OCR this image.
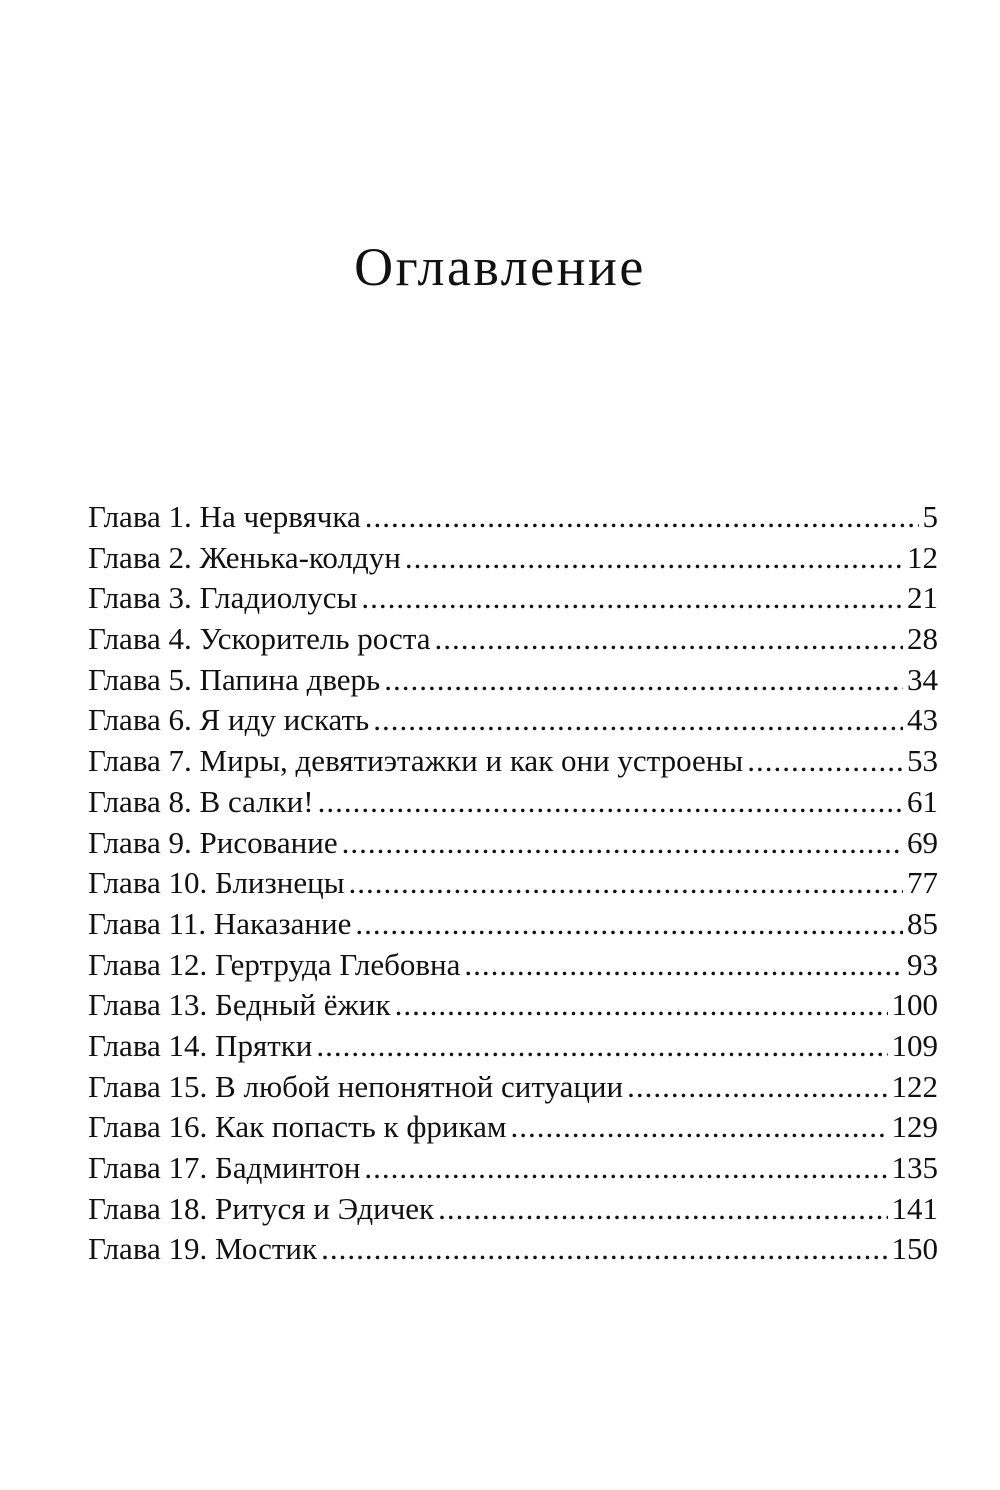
Оглавление
Глава 1. На червячка .....	5
Глава 2. Женька-колдун .....	12
Глава 3. Гладиолусы .....	21
Глава 4. Ускоритель роста .....	28
Глава 5. Папина дверь .....	34
Глава 6. Я иду искать .....	43
Глава 7. Миры, девятиэтажки и как они устроены .....	53
Глава 8. В салки! .....	61
Глава 9. Рисование .....	69
Глава 10. Близнецы .....	77
Глава 11. Наказание .....	85
Глава 12. Гертруда Глебовна .....	93
Глава 13. Бедный ёжик .....	100
Глава 14. Прятки .....	109
Глава 15. В любой непонятной ситуации .....	122
Глава 16. Как попасть к фрикам .....	129
Глава 17. Бадминтон .....	135
Глава 18. Ритуся и Эдичек .....	141
Глава 19. Мостик .....	150
